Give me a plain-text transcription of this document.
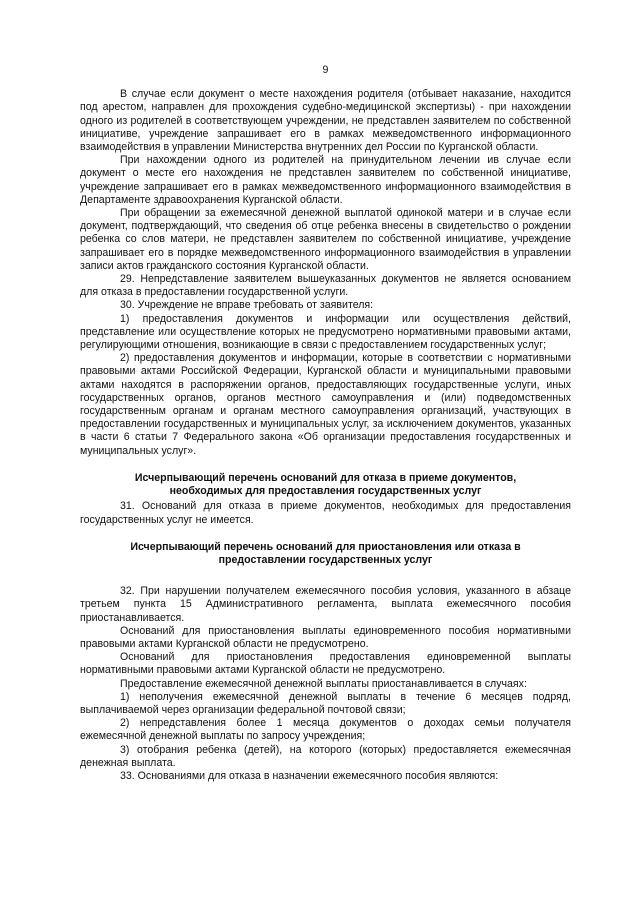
9

В случае если документ о месте нахождения родителя (отбывает наказание, находится под арестом, направлен для прохождения судебно-медицинской экспертизы) - при нахождении одного из родителей в соответствующем учреждении, не представлен заявителем по собственной инициативе, учреждение запрашивает его в рамках межведомственного информационного взаимодействия в управлении Министерства внутренних дел России по Курганской области.

При нахождении одного из родителей на принудительном лечении ив случае если документ о месте его нахождения не представлен заявителем по собственной инициативе, учреждение запрашивает его в рамках межведомственного информационного взаимодействия в Департаменте здравоохранения Курганской области.

При обращении за ежемесячной денежной выплатой одинокой матери и в случае если документ, подтверждающий, что сведения об отце ребенка внесены в свидетельство о рождении ребенка со слов матери, не представлен заявителем по собственной инициативе, учреждение запрашивает его в порядке межведомственного информационного взаимодействия в управлении записи актов гражданского состояния Курганской области.

29. Непредставление заявителем вышеуказанных документов не является основанием для отказа в предоставлении государственной услуги.

30. Учреждение не вправе требовать от заявителя:

1) предоставления документов и информации или осуществления действий, представление или осуществление которых не предусмотрено нормативными правовыми актами, регулирующими отношения, возникающие в связи с предоставлением государственных услуг;

2) предоставления документов и информации, которые в соответствии с нормативными правовыми актами Российской Федерации, Курганской области и муниципальными правовыми актами находятся в распоряжении органов, предоставляющих государственные услуги, иных государственных органов, органов местного самоуправления и (или) подведомственных государственным органам и органам местного самоуправления организаций, участвующих в предоставлении государственных и муниципальных услуг, за исключением документов, указанных в части 6 статьи 7 Федерального закона «Об организации предоставления государственных и муниципальных услуг».

Исчерпывающий перечень оснований для отказа в приеме документов, необходимых для предоставления государственных услуг

31. Оснований для отказа в приеме документов, необходимых для предоставления государственных услуг не имеется.

Исчерпывающий перечень оснований для приостановления или отказа в предоставлении государственных услуг

32. При нарушении получателем ежемесячного пособия условия, указанного в абзаце третьем пункта 15 Административного регламента, выплата ежемесячного пособия приостанавливается.

Оснований для приостановления выплаты единовременного пособия нормативными правовыми актами Курганской области не предусмотрено.

Оснований для приостановления предоставления единовременной выплаты нормативными правовыми актами Курганской области не предусмотрено.

Предоставление ежемесячной денежной выплаты приостанавливается в случаях:

1) неполучения ежемесячной денежной выплаты в течение 6 месяцев подряд, выплачиваемой через организации федеральной почтовой связи;

2) непредставления более 1 месяца документов о доходах семьи получателя ежемесячной денежной выплаты по запросу учреждения;

3) отобрания ребенка (детей), на которого (которых) предоставляется ежемесячная денежная выплата.

33. Основаниями для отказа в назначении ежемесячного пособия являются:
